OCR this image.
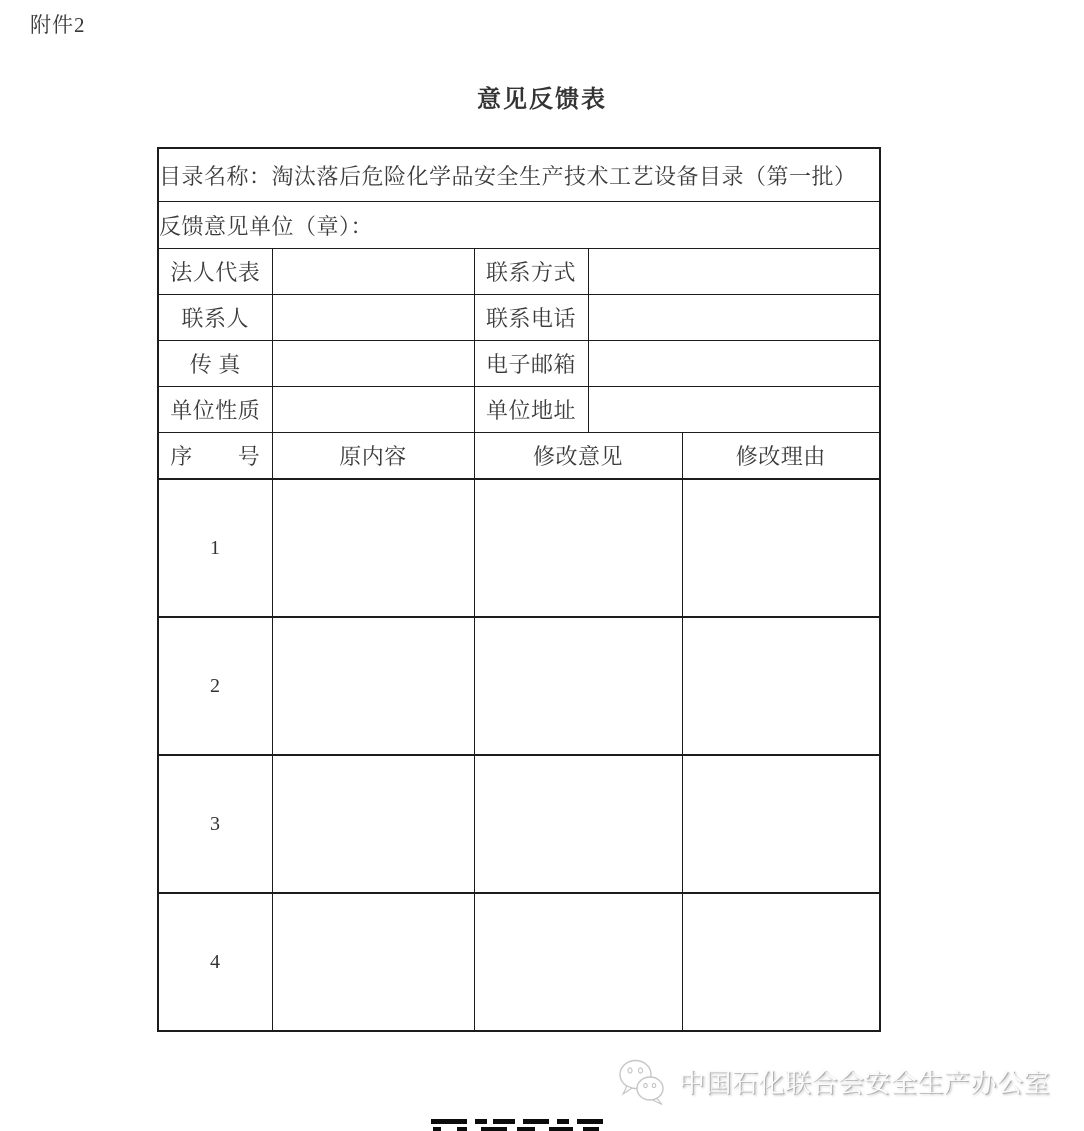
附件2
意见反馈表
目录名称：淘汰落后危险化学品安全生产技术工艺设备目录（第一批）				
反馈意见单位（章）：				
法人代表		联系方式		
联系人		联系电话		
传 真		电子邮箱		
单位性质		单位地址		
序　　号	原内容	修改意见		修改理由
1				
2				
3				
4				
中国石化联合会安全生产办公室
